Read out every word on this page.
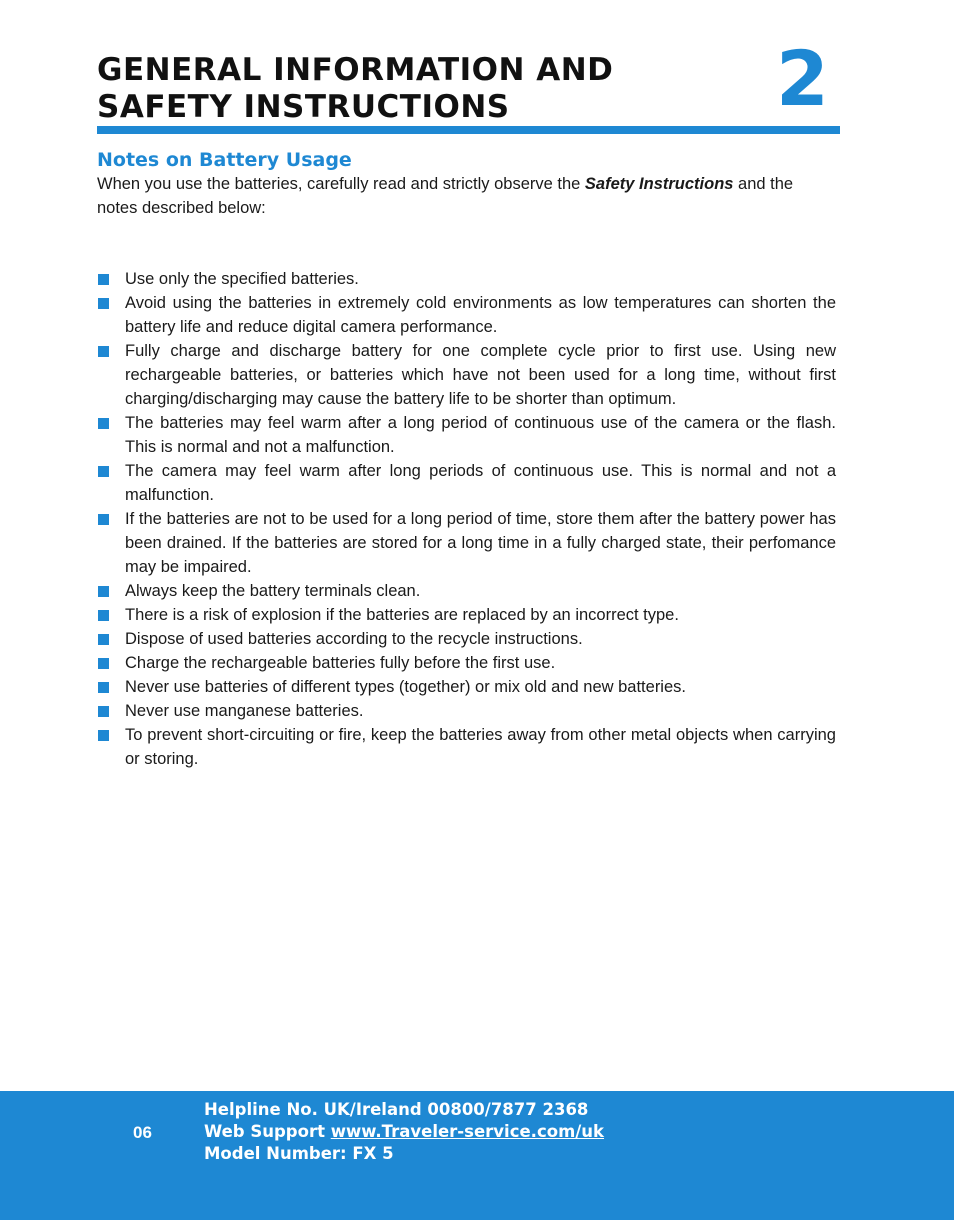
GENERAL INFORMATION AND
SAFETY INSTRUCTIONS	2
Notes on Battery Usage

When you use the batteries, carefully read and strictly observe the Safety Instructions and the notes described below:

Use only the specified batteries.
Avoid using the batteries in extremely cold environments as low temperatures can shorten the battery life and reduce digital camera performance.
Fully charge and discharge battery for one complete cycle prior to first use. Using new rechargeable batteries, or batteries which have not been used for a long time, without first charging/discharging may cause the battery life to be shorter than optimum.
The batteries may feel warm after a long period of continuous use of the camera or the flash. This is normal and not a malfunction.
The camera may feel warm after long periods of continuous use. This is normal and not a malfunction.
If the batteries are not to be used for a long period of time, store them after the battery power has been drained. If the batteries are stored for a long time in a fully charged state, their perfomance may be impaired.
Always keep the battery terminals clean.
There is a risk of explosion if the batteries are replaced by an incorrect type.
Dispose of used batteries according to the recycle instructions.
Charge the rechargeable batteries fully before the first use.
Never use batteries of different types (together) or mix old and new batteries.
Never use manganese batteries.
To prevent short-circuiting or fire, keep the batteries away from other metal objects when carrying or storing.
06
Helpline No. UK/Ireland 00800/7877 2368
Web Support www.Traveler-service.com/uk
Model Number: FX 5
